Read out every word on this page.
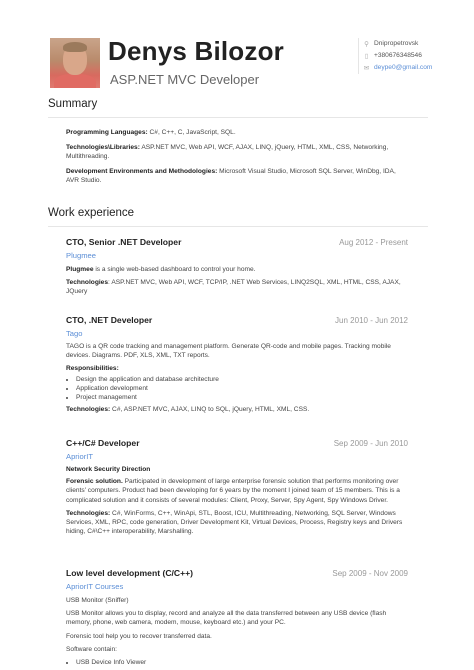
Denys Bilozor
ASP.NET MVC Developer
⚲ Dnipropetrovsk
▯ +380676348546
✉ deype0@gmail.com
Summary
Programming Languages: C#, C++, C, JavaScript, SQL.
Technologies\Libraries: ASP.NET MVC, Web API, WCF, AJAX, LINQ, jQuery, HTML, XML, CSS, Networking, Multithreading.
Development Environments and Methodologies: Microsoft Visual Studio, Microsoft SQL Server, WinDbg, IDA, AVR Studio.
Work experience
CTO, Senior .NET Developer	Aug 2012 - Present
Plugmee

Plugmee is a single web-based dashboard to control your home.

Technologies: ASP.NET MVC, Web API, WCF, TCP/IP, .NET Web Services, LINQ2SQL, XML, HTML, CSS, AJAX, JQuery

CTO, .NET Developer	Jun 2010 - Jun 2012
Tago

TAGO is a QR code tracking and management platform. Generate QR-code and mobile pages. Tracking mobile devices. Diagrams. PDF, XLS, XML, TXT reports.

Responsibilities:

• Design the application and database architecture
• Application development
• Project management

Technologies: C#, ASP.NET MVC, AJAX, LINQ to SQL, jQuery, HTML, XML, CSS.

C++/C# Developer	Sep 2009 - Jun 2010
ApriorIT

Network Security Direction

Forensic solution. Participated in development of large enterprise forensic solution that performs monitoring over clients' computers. Product had been developing for 6 years by the moment I joined team of 15 members. This is a complicated solution and it consists of several modules: Client, Proxy, Server, Spy Agent, Spy Windows Driver.

Technologies: C#, WinForms, C++, WinApi, STL, Boost, ICU, Multithreading, Networking, SQL Server, Windows Services, XML, RPC, code generation, Driver Development Kit, Virtual Devices, Process, Registry keys and Drivers hiding, C#\C++ interoperability, Marshalling.

Low level development (C/C++)	Sep 2009 - Nov 2009
ApriorIT Courses

USB Monitor (Sniffer)

USB Monitor allows you to display, record and analyze all the data transferred between any USB device (flash memory, phone, web camera, modem, mouse, keyboard etc.) and your PC.

Forensic tool help you to recover transferred data.

Software contain:

• USB Device Info Viewer
